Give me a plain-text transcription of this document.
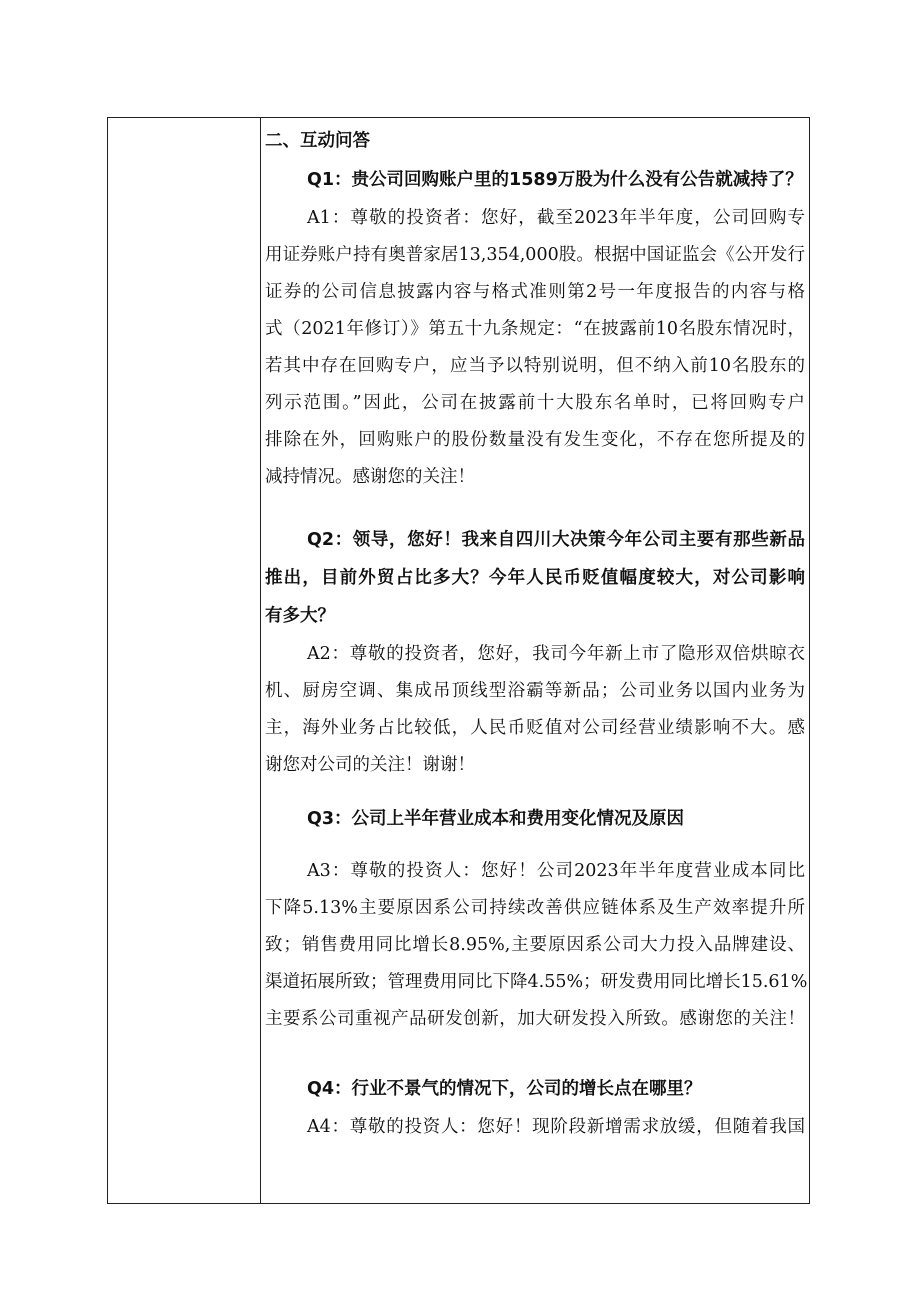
二、互动问答
Q1：贵公司回购账户里的1589万股为什么没有公告就减持了？
A1：尊敬的投资者：您好，截至2023年半年度，公司回购专
用证券账户持有奥普家居13,354,000股。根据中国证监会《公开发行
证券的公司信息披露内容与格式准则第2号一年度报告的内容与格
式（2021年修订）》第五十九条规定：“在披露前10名股东情况时，
若其中存在回购专户，应当予以特别说明，但不纳入前10名股东的
列示范围。”因此，公司在披露前十大股东名单时，已将回购专户
排除在外，回购账户的股份数量没有发生变化，不存在您所提及的
减持情况。感谢您的关注！
Q2：领导，您好！我来自四川大决策今年公司主要有那些新品
推出，目前外贸占比多大？今年人民币贬值幅度较大，对公司影响
有多大？
A2：尊敬的投资者，您好，我司今年新上市了隐形双倍烘晾衣
机、厨房空调、集成吊顶线型浴霸等新品；公司业务以国内业务为
主，海外业务占比较低，人民币贬值对公司经营业绩影响不大。感
谢您对公司的关注！谢谢！
Q3：公司上半年营业成本和费用变化情况及原因
A3：尊敬的投资人：您好！公司2023年半年度营业成本同比
下降5.13%主要原因系公司持续改善供应链体系及生产效率提升所
致；销售费用同比增长8.95%,主要原因系公司大力投入品牌建设、
渠道拓展所致；管理费用同比下降4.55%；研发费用同比增长15.61%
主要系公司重视产品研发创新，加大研发投入所致。感谢您的关注！
Q4：行业不景气的情况下，公司的增长点在哪里？
A4：尊敬的投资人：您好！现阶段新增需求放缓，但随着我国
